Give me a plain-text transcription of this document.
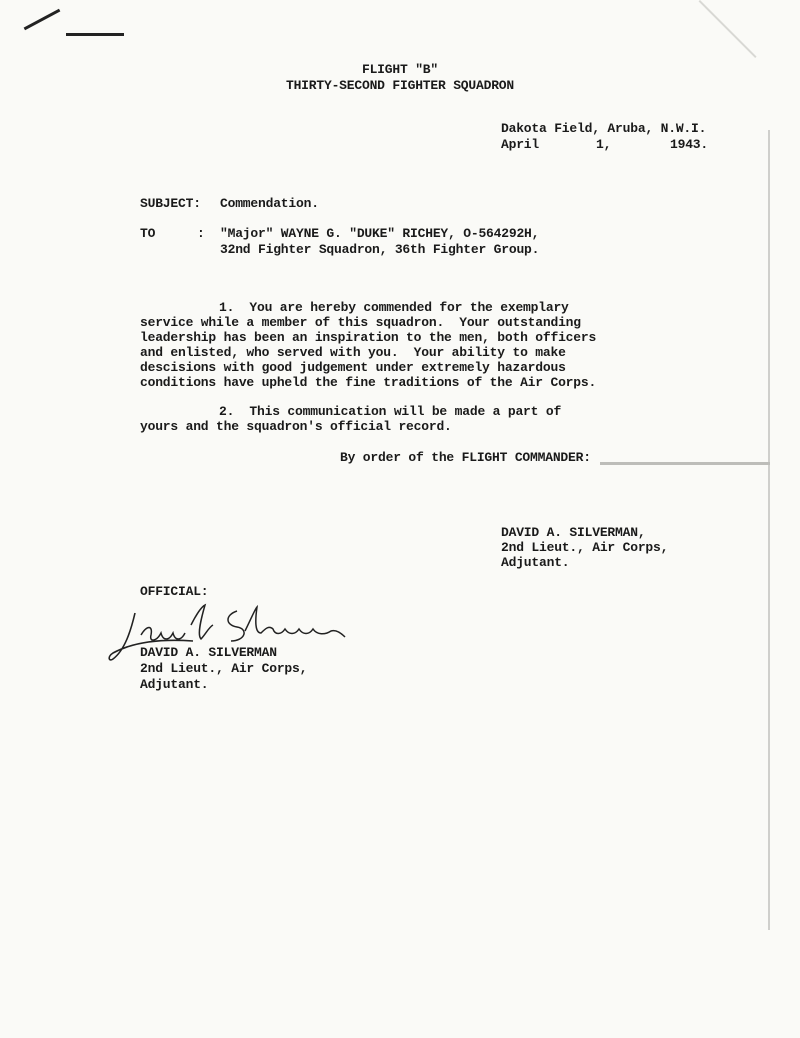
FLIGHT "B"
THIRTY-SECOND FIGHTER SQUADRON
Dakota Field, Aruba, N.W.I.
April	1,	1943.
SUBJECT: Commendation.
TO	: "Major" WAYNE G. "DUKE" RICHEY, O-564292H,
32nd Fighter Squadron, 36th Fighter Group.
1.  You are hereby commended for the exemplary
service while a member of this squadron.  Your outstanding
leadership has been an inspiration to the men, both officers
and enlisted, who served with you.  Your ability to make
descisions with good judgement under extremely hazardous
conditions have upheld the fine traditions of the Air Corps.
2.  This communication will be made a part of
yours and the squadron's official record.
By order of the FLIGHT COMMANDER:
DAVID A. SILVERMAN,
2nd Lieut., Air Corps,
Adjutant.
OFFICIAL:
DAVID A. SILVERMAN
2nd Lieut., Air Corps,
Adjutant.
